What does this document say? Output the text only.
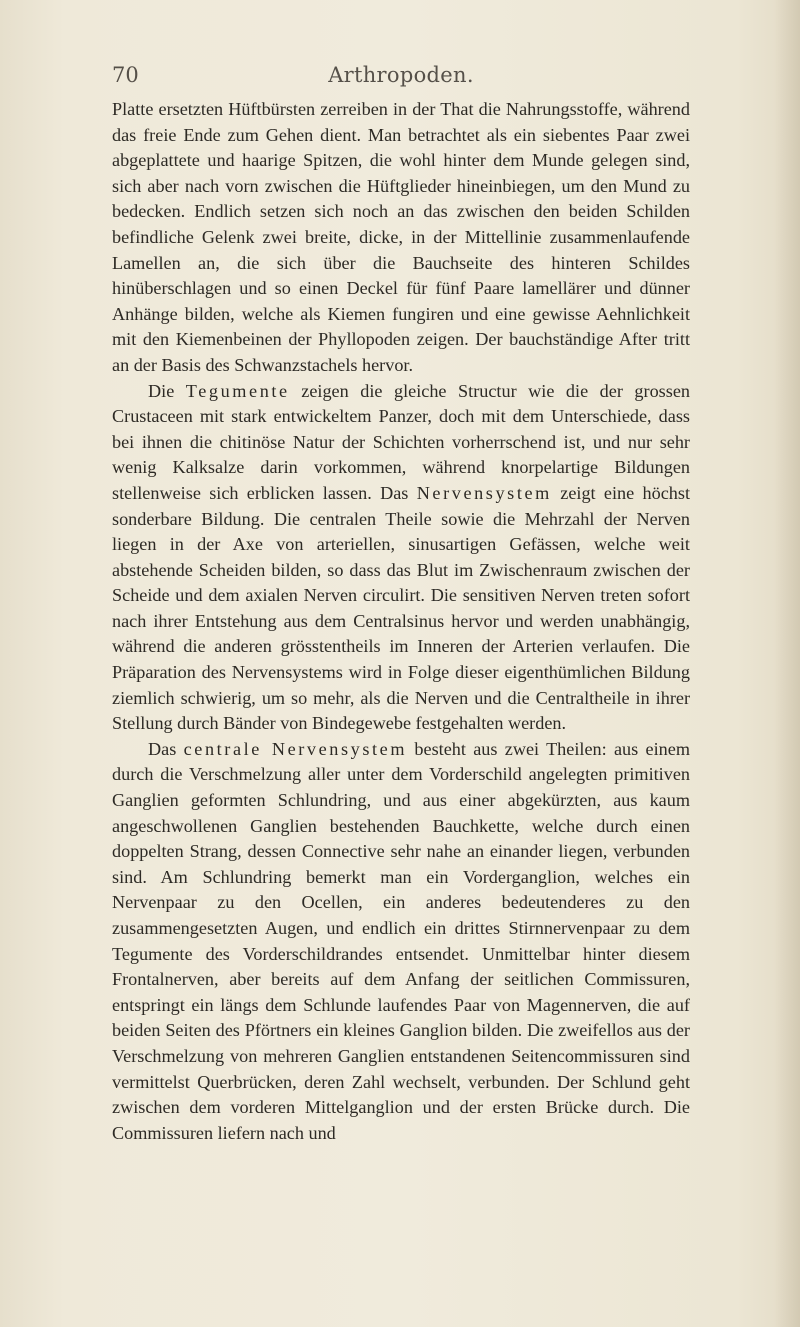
70	Arthropoden.

Platte ersetzten Hüftbürsten zerreiben in der That die Nahrungsstoffe, während das freie Ende zum Gehen dient. Man betrachtet als ein siebentes Paar zwei abgeplattete und haarige Spitzen, die wohl hinter dem Munde gelegen sind, sich aber nach vorn zwischen die Hüftglieder hineinbiegen, um den Mund zu bedecken. Endlich setzen sich noch an das zwischen den beiden Schilden befindliche Gelenk zwei breite, dicke, in der Mittellinie zusammenlaufende Lamellen an, die sich über die Bauchseite des hinteren Schildes hinüberschlagen und so einen Deckel für fünf Paare lamellärer und dünner Anhänge bilden, welche als Kiemen fungiren und eine gewisse Aehnlichkeit mit den Kiemenbeinen der Phyllopoden zeigen. Der bauchständige After tritt an der Basis des Schwanzstachels hervor.

Die Tegumente zeigen die gleiche Structur wie die der grossen Crustaceen mit stark entwickeltem Panzer, doch mit dem Unterschiede, dass bei ihnen die chitinöse Natur der Schichten vorherrschend ist, und nur sehr wenig Kalksalze darin vorkommen, während knorpelartige Bildungen stellenweise sich erblicken lassen. Das Nervensystem zeigt eine höchst sonderbare Bildung. Die centralen Theile sowie die Mehrzahl der Nerven liegen in der Axe von arteriellen, sinusartigen Gefässen, welche weit abstehende Scheiden bilden, so dass das Blut im Zwischenraum zwischen der Scheide und dem axialen Nerven circulirt. Die sensitiven Nerven treten sofort nach ihrer Entstehung aus dem Centralsinus hervor und werden unabhängig, während die anderen grösstentheils im Inneren der Arterien verlaufen. Die Präparation des Nervensystems wird in Folge dieser eigenthümlichen Bildung ziemlich schwierig, um so mehr, als die Nerven und die Centraltheile in ihrer Stellung durch Bänder von Bindegewebe festgehalten werden.

Das centrale Nervensystem besteht aus zwei Theilen: aus einem durch die Verschmelzung aller unter dem Vorderschild angelegten primitiven Ganglien geformten Schlundring, und aus einer abgekürzten, aus kaum angeschwollenen Ganglien bestehenden Bauchkette, welche durch einen doppelten Strang, dessen Connective sehr nahe an einander liegen, verbunden sind. Am Schlundring bemerkt man ein Vorderganglion, welches ein Nervenpaar zu den Ocellen, ein anderes bedeutenderes zu den zusammengesetzten Augen, und endlich ein drittes Stirnnervenpaar zu dem Tegumente des Vorderschildrandes entsendet. Unmittelbar hinter diesem Frontalnerven, aber bereits auf dem Anfang der seitlichen Commissuren, entspringt ein längs dem Schlunde laufendes Paar von Magennerven, die auf beiden Seiten des Pförtners ein kleines Ganglion bilden. Die zweifellos aus der Verschmelzung von mehreren Ganglien entstandenen Seitencommissuren sind vermittelst Querbrücken, deren Zahl wechselt, verbunden. Der Schlund geht zwischen dem vorderen Mittelganglion und der ersten Brücke durch. Die Commissuren liefern nach und
